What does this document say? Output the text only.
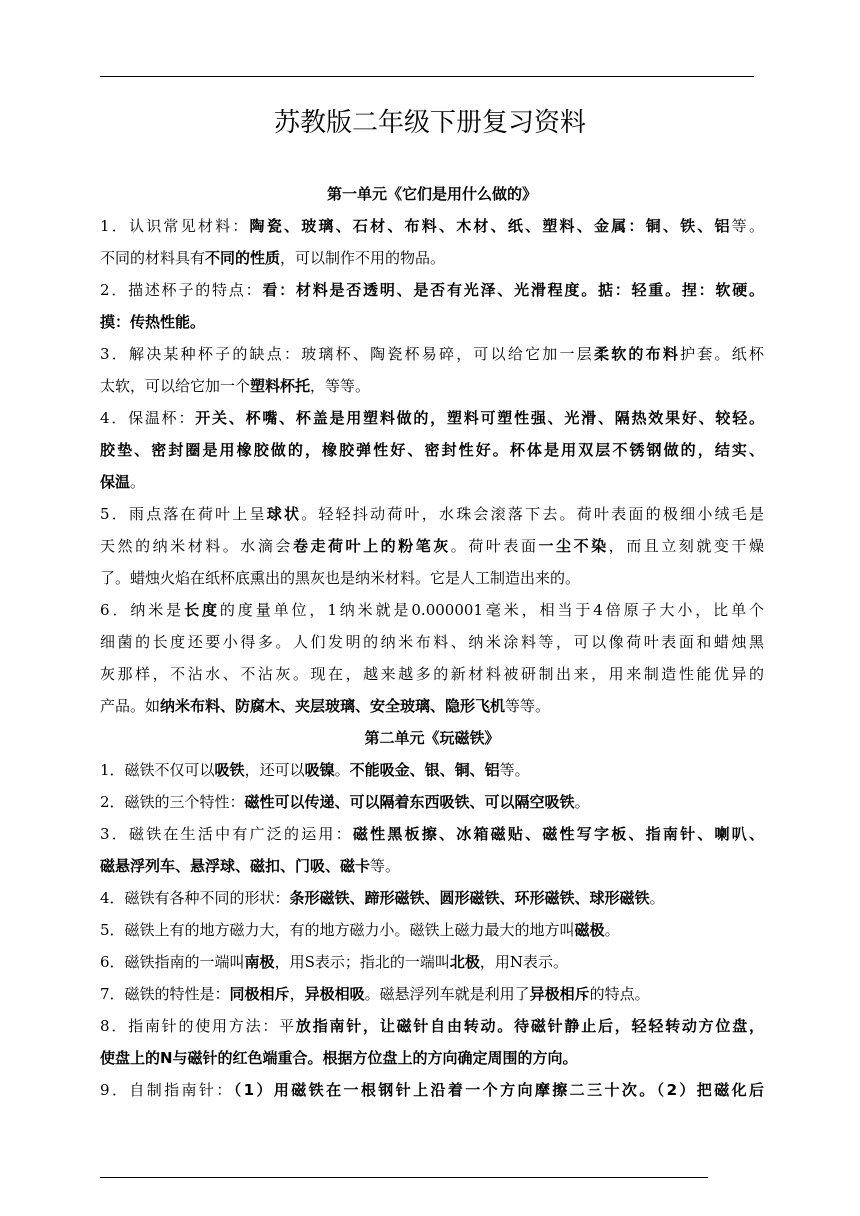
苏教版二年级下册复习资料
第一单元《它们是用什么做的》
1．认识常见材料：陶瓷、玻璃、石材、布料、木材、纸、塑料、金属：铜、铁、铝等。
不同的材料具有不同的性质，可以制作不用的物品。
2．描述杯子的特点：看：材料是否透明、是否有光泽、光滑程度。掂：轻重。捏：软硬。
摸：传热性能。
3．解决某种杯子的缺点：玻璃杯、陶瓷杯易碎，可以给它加一层柔软的布料护套。纸杯
太软，可以给它加一个塑料杯托，等等。
4．保温杯：开关、杯嘴、杯盖是用塑料做的，塑料可塑性强、光滑、隔热效果好、较轻。
胶垫、密封圈是用橡胶做的，橡胶弹性好、密封性好。杯体是用双层不锈钢做的，结实、
保温。
5．雨点落在荷叶上呈球状。轻轻抖动荷叶，水珠会滚落下去。荷叶表面的极细小绒毛是
天然的纳米材料。水滴会卷走荷叶上的粉笔灰。荷叶表面一尘不染，而且立刻就变干燥
了。蜡烛火焰在纸杯底熏出的黑灰也是纳米材料。它是人工制造出来的。
6．纳米是长度的度量单位，1纳米就是0.000001毫米，相当于4倍原子大小，比单个
细菌的长度还要小得多。人们发明的纳米布料、纳米涂料等，可以像荷叶表面和蜡烛黑
灰那样，不沾水、不沾灰。现在，越来越多的新材料被研制出来，用来制造性能优异的
产品。如纳米布料、防腐木、夹层玻璃、安全玻璃、隐形飞机等等。
第二单元《玩磁铁》
1．磁铁不仅可以吸铁，还可以吸镍。不能吸金、银、铜、铝等。
2．磁铁的三个特性：磁性可以传递、可以隔着东西吸铁、可以隔空吸铁。
3．磁铁在生活中有广泛的运用：磁性黑板擦、冰箱磁贴、磁性写字板、指南针、喇叭、
磁悬浮列车、悬浮球、磁扣、门吸、磁卡等。
4．磁铁有各种不同的形状：条形磁铁、蹄形磁铁、圆形磁铁、环形磁铁、球形磁铁。
5．磁铁上有的地方磁力大，有的地方磁力小。磁铁上磁力最大的地方叫磁极。
6．磁铁指南的一端叫南极，用S表示；指北的一端叫北极，用N表示。
7．磁铁的特性是：同极相斥，异极相吸。磁悬浮列车就是利用了异极相斥的特点。
8．指南针的使用方法：平放指南针，让磁针自由转动。待磁针静止后，轻轻转动方位盘，
使盘上的N与磁针的红色端重合。根据方位盘上的方向确定周围的方向。
9．自制指南针：（1）用磁铁在一根钢针上沿着一个方向摩擦二三十次。（2）把磁化后
